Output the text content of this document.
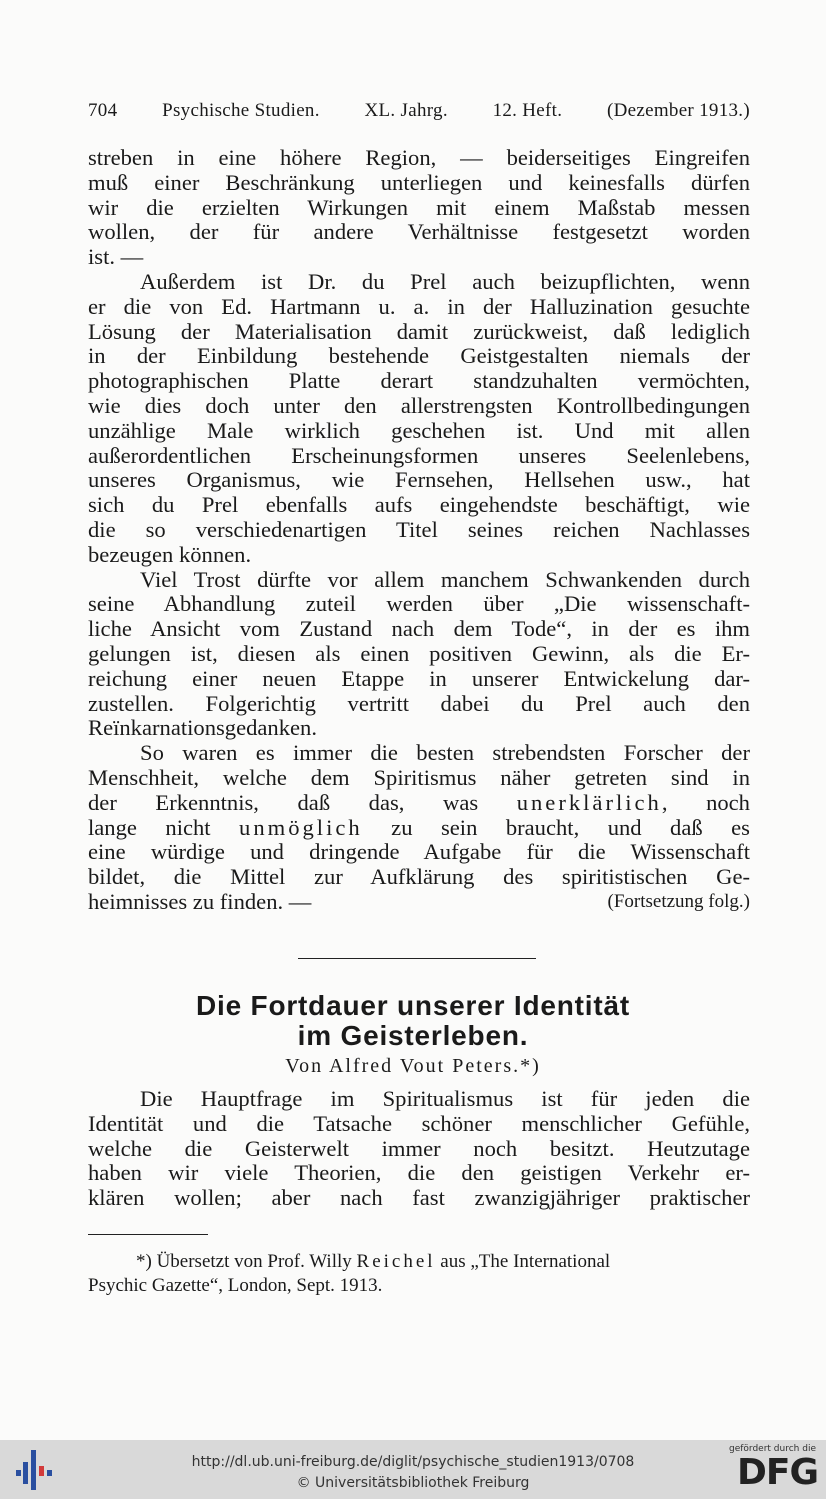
704 Psychische Studien. XL. Jahrg. 12. Heft. (Dezember 1913.)
streben in eine höhere Region, — beiderseitiges Eingreifen
muß einer Beschränkung unterliegen und keinesfalls dürfen
wir die erzielten Wirkungen mit einem Maßstab messen
wollen, der für andere Verhältnisse festgesetzt worden
ist. —
Außerdem ist Dr. du Prel auch beizupflichten, wenn
er die von Ed. Hartmann u. a. in der Halluzination gesuchte
Lösung der Materialisation damit zurückweist, daß lediglich
in der Einbildung bestehende Geistgestalten niemals der
photographischen Platte derart standzuhalten vermöchten,
wie dies doch unter den allerstrengsten Kontrollbedingungen
unzählige Male wirklich geschehen ist. Und mit allen
außerordentlichen Erscheinungsformen unseres Seelenlebens,
unseres Organismus, wie Fernsehen, Hellsehen usw., hat
sich du Prel ebenfalls aufs eingehendste beschäftigt, wie
die so verschiedenartigen Titel seines reichen Nachlasses
bezeugen können.
Viel Trost dürfte vor allem manchem Schwankenden durch
seine Abhandlung zuteil werden über „Die wissenschaft-
liche Ansicht vom Zustand nach dem Tode“, in der es ihm
gelungen ist, diesen als einen positiven Gewinn, als die Er-
reichung einer neuen Etappe in unserer Entwickelung dar-
zustellen. Folgerichtig vertritt dabei du Prel auch den
Reïnkarnationsgedanken.
So waren es immer die besten strebendsten Forscher der
Menschheit, welche dem Spiritismus näher getreten sind in
der Erkenntnis, daß das, was unerklärlich, noch
lange nicht unmöglich zu sein braucht, und daß es
eine würdige und dringende Aufgabe für die Wissenschaft
bildet, die Mittel zur Aufklärung des spiritistischen Ge-
heimnisses zu finden. —	(Fortsetzung folg.)
Die Fortdauer unserer Identität
im Geisterleben.
Von Alfred Vout Peters.*)
Die Hauptfrage im Spiritualismus ist für jeden die
Identität und die Tatsache schöner menschlicher Gefühle,
welche die Geisterwelt immer noch besitzt. Heutzutage
haben wir viele Theorien, die den geistigen Verkehr er-
klären wollen; aber nach fast zwanzigjähriger praktischer
*) Übersetzt von Prof. Willy Reichel aus „The International
Psychic Gazette“, London, Sept. 1913.
http://dl.ub.uni-freiburg.de/diglit/psychische_studien1913/0708
© Universitätsbibliothek Freiburg
gefördert durch die
DFG
